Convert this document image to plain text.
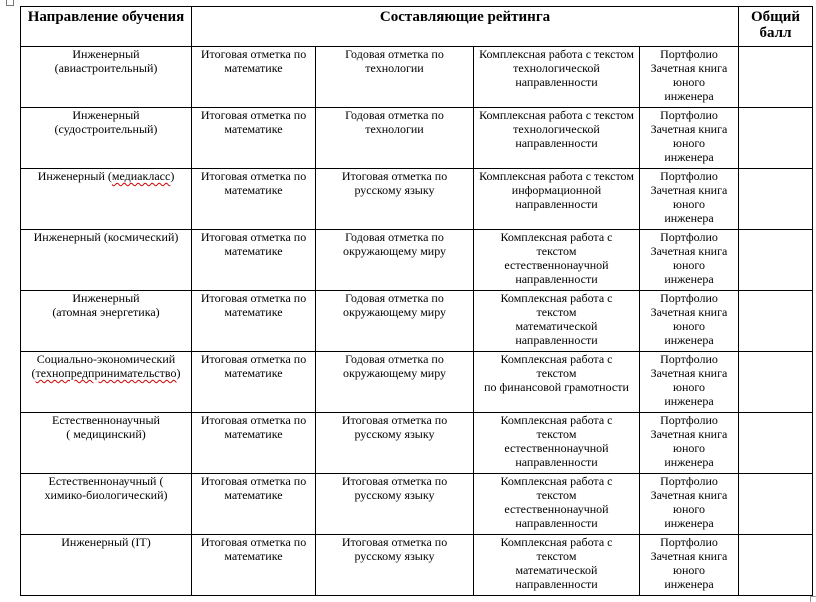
Направление обучения	Составляющие рейтинга				Общий балл

Инженерный
(авиастроительный)	Итоговая отметка по математике	Годовая отметка по технологии	Комплексная работа с текстом технологической направленности	Портфолио
Зачетная книга юного
инженера	

Инженерный
(судостроительный)	Итоговая отметка по математике	Годовая отметка по технологии	Комплексная работа с текстом технологической направленности	Портфолио
Зачетная книга юного
инженера	

Инженерный (медиакласс)	Итоговая отметка по математике	Итоговая отметка по русскому языку	Комплексная работа с текстом информационной направленности	Портфолио
Зачетная книга юного
инженера	

Инженерный (космический)	Итоговая отметка по математике	Годовая отметка по окружающему миру	Комплексная работа с
текстом
естественнонаучной
направленности	Портфолио
Зачетная книга юного
инженера	

Инженерный
(атомная энергетика)	Итоговая отметка по математике	Годовая отметка по окружающему миру	Комплексная работа с
текстом
математической
направленности	Портфолио
Зачетная книга юного
инженера	

Социально-экономический
(технопредпринимательство)	Итоговая отметка по математике	Годовая отметка по окружающему миру	Комплексная работа с
текстом
по финансовой грамотности	Портфолио
Зачетная книга юного
инженера	

Естественнонаучный
( медицинский)	Итоговая отметка по математике	Итоговая отметка по русскому языку	Комплексная работа с
текстом
естественнонаучной
направленности	Портфолио
Зачетная книга юного
инженера	

Естественнонаучный (
химико-биологический)	Итоговая отметка по математике	Итоговая отметка по русскому языку	Комплексная работа с
текстом
естественнонаучной
направленности	Портфолио
Зачетная книга юного
инженера	

Инженерный (IT)	Итоговая отметка по математике	Итоговая отметка по русскому языку	Комплексная работа с
текстом
математической
направленности	Портфолио
Зачетная книга юного
инженера	
